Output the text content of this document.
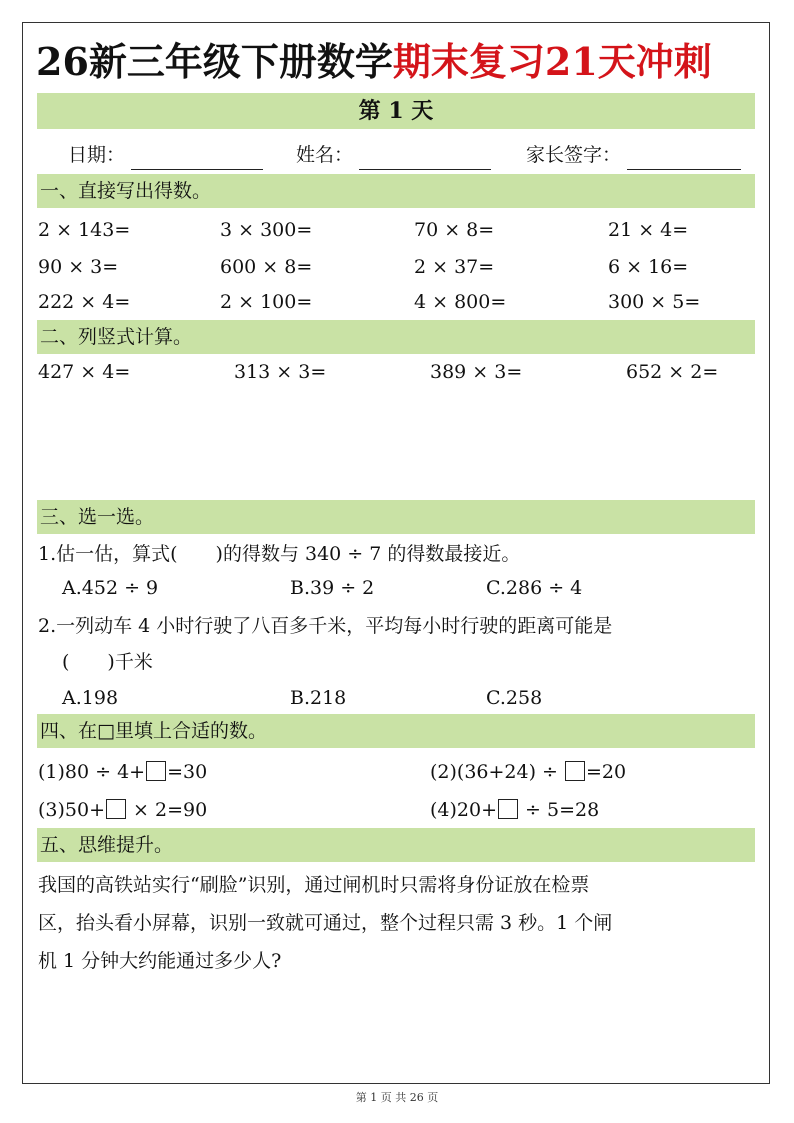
26新三年级下册数学期末复习21天冲刺
第 1 天
日期：	姓名：	家长签字：
一、直接写出得数。
2 × 143=	3 × 300=	70 × 8=	21 × 4=
90 × 3=	600 × 8=	2 × 37=	6 × 16=
222 × 4=	2 × 100=	4 × 800=	300 × 5=
二、列竖式计算。
427 × 4=	313 × 3=	389 × 3=	652 × 2=
三、选一选。
1.估一估，算式(　　)的得数与 340 ÷ 7 的得数最接近。
A.452 ÷ 9	B.39 ÷ 2	C.286 ÷ 4
2.一列动车 4 小时行驶了八百多千米，平均每小时行驶的距离可能是
(　　)千米
A.198	B.218	C.258
四、在□里填上合适的数。
(1)80 ÷ 4+ =30	(2)(36+24) ÷ =20
(3)50+ × 2=90	(4)20+ ÷ 5=28
五、思维提升。
我国的高铁站实行“刷脸”识别，通过闸机时只需将身份证放在检票
区，抬头看小屏幕，识别一致就可通过，整个过程只需 3 秒。1 个闸
机 1 分钟大约能通过多少人?
第 1 页 共 26 页
